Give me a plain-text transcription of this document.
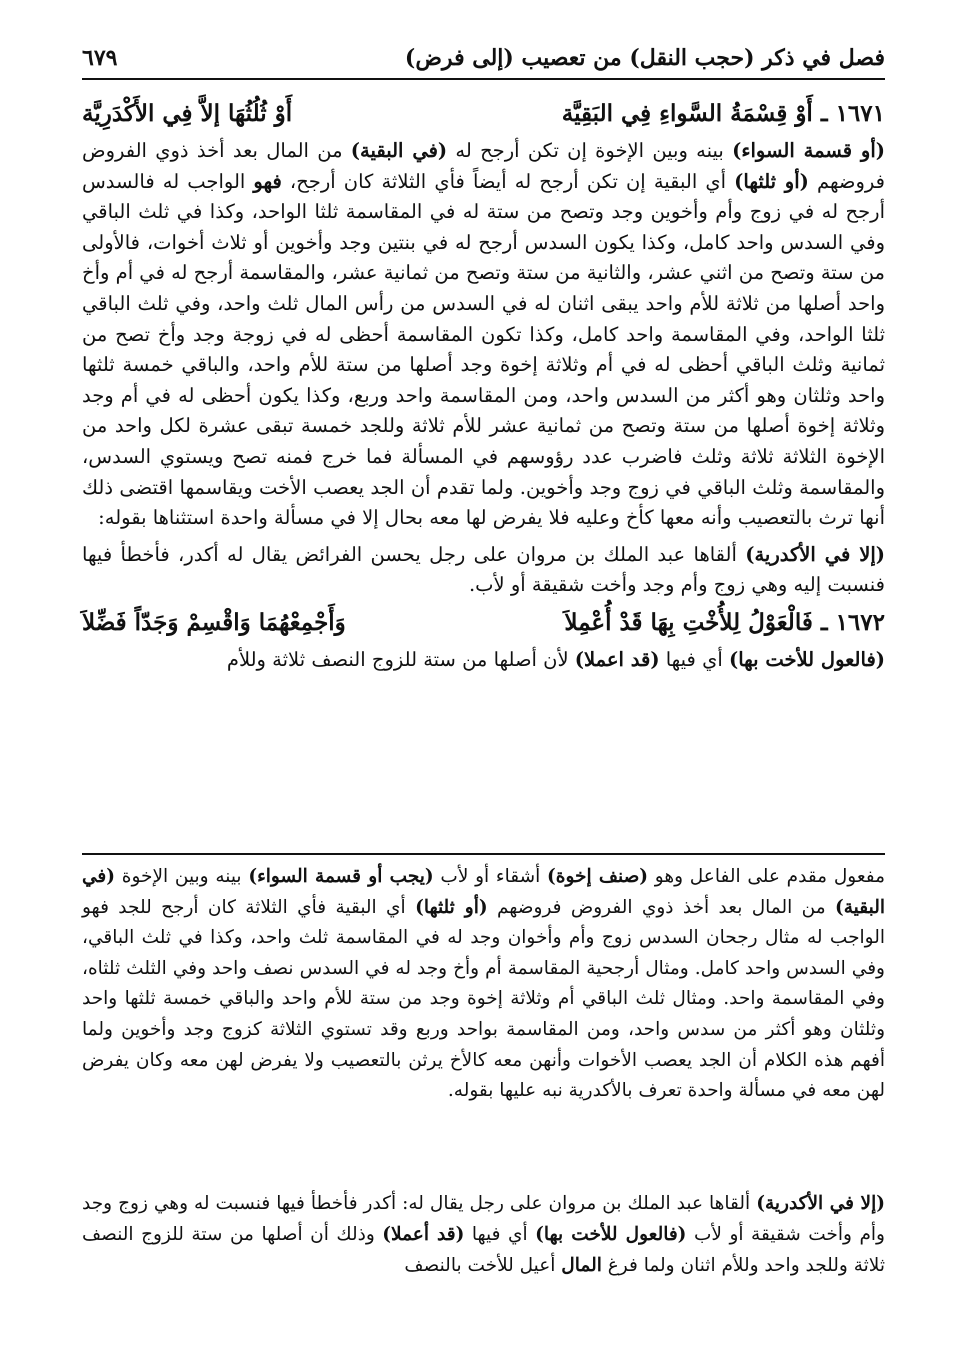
فصل في ذكر (حجب النقل) من تعصيب (إلى فرض)
٦٧٩
١٦٧١ ـ
أَوْ قِسْمَةُ السَّواءِ فِي البَقِيَّة
أَوْ ثُلُثُهَا إلاَّ فِي الأَكْدَرِيَّة

(أو قسمة السواء) بينه وبين الإخوة إن تكن أرجح له (في البقية) من المال بعد أخذ ذوي الفروض فروضهم (أو ثلثها) أي البقية إن تكن أرجح له أيضاً فأي الثلاثة كان أرجح، فهو الواجب له فالسدس أرجح له في زوج وأم وأخوين وجد وتصح من ستة له في المقاسمة ثلثا الواحد، وكذا في ثلث الباقي وفي السدس واحد كامل، وكذا يكون السدس أرجح له في بنتين وجد وأخوين أو ثلاث أخوات، فالأولى من ستة وتصح من اثني عشر، والثانية من ستة وتصح من ثمانية عشر، والمقاسمة أرجح له في أم وأخ واحد أصلها من ثلاثة للأم واحد يبقى اثنان له في السدس من رأس المال ثلث واحد، وفي ثلث الباقي ثلثا الواحد، وفي المقاسمة واحد كامل، وكذا تكون المقاسمة أحظى له في زوجة وجد وأخ تصح من ثمانية وثلث الباقي أحظى له في أم وثلاثة إخوة وجد أصلها من ستة للأم واحد، والباقي خمسة ثلثها واحد وثلثان وهو أكثر من السدس واحد، ومن المقاسمة واحد وربع، وكذا يكون أحظى له في أم وجد وثلاثة إخوة أصلها من ستة وتصح من ثمانية عشر للأم ثلاثة وللجد خمسة تبقى عشرة لكل واحد من الإخوة الثلاثة ثلاثة وثلث فاضرب عدد رؤوسهم في المسألة فما خرج فمنه تصح ويستوي السدس، والمقاسمة وثلث الباقي في زوج وجد وأخوين. ولما تقدم أن الجد يعصب الأخت ويقاسمها اقتضى ذلك أنها ترث بالتعصيب وأنه معها كأخ وعليه فلا يفرض لها معه بحال إلا في مسألة واحدة استثناها بقوله:

(إلا في الأكدرية) ألقاها عبد الملك بن مروان على رجل يحسن الفرائض يقال له أكدر، فأخطأ فيها فنسبت إليه وهي زوج وأم وجد وأخت شقيقة أو لأب.

١٦٧٢ ـ
فَالْعَوْلُ لِلأُخْتِ بِهَا قَدْ أُعْمِلاَ
وَأَجْمِعْهُمَا وَاقْسِمْ وَجَدّاً فَضِّلاَ

(فالعول للأخت بها) أي فيها (قد اعملا) لأن أصلها من ستة للزوج النصف ثلاثة وللأم

مفعول مقدم على الفاعل وهو (صنف إخوة) أشقاء أو لأب (يجب أو قسمة السواء) بينه وبين الإخوة (في البقية) من المال بعد أخذ ذوي الفروض فروضهم (أو ثلثها) أي البقية فأي الثلاثة كان أرجح للجد فهو الواجب له مثال رجحان السدس زوج وأم وأخوان وجد له في المقاسمة ثلث واحد، وكذا في ثلث الباقي، وفي السدس واحد كامل. ومثال أرجحية المقاسمة أم وأخ وجد له في السدس نصف واحد وفي الثلث ثلثاه، وفي المقاسمة واحد. ومثال ثلث الباقي أم وثلاثة إخوة وجد من ستة للأم واحد والباقي خمسة ثلثها واحد وثلثان وهو أكثر من سدس واحد، ومن المقاسمة بواحد وربع وقد تستوي الثلاثة كزوج وجد وأخوين ولما أفهم هذه الكلام أن الجد يعصب الأخوات وأنهن معه كالأخ يرثن بالتعصيب ولا يفرض لهن معه وكان يفرض لهن معه في مسألة واحدة تعرف بالأكدرية نبه عليها بقوله.

(إلا في الأكدرية) ألقاها عبد الملك بن مروان على رجل يقال له: أكدر فأخطأ فيها فنسبت له وهي زوج وجد وأم وأخت شقيقة أو لأب (فالعول للأخت بها) أي فيها (قد أعملا) وذلك أن أصلها من ستة للزوج النصف ثلاثة وللجد واحد وللأم اثنان ولما فرغ المال أعيل للأخت بالنصف
